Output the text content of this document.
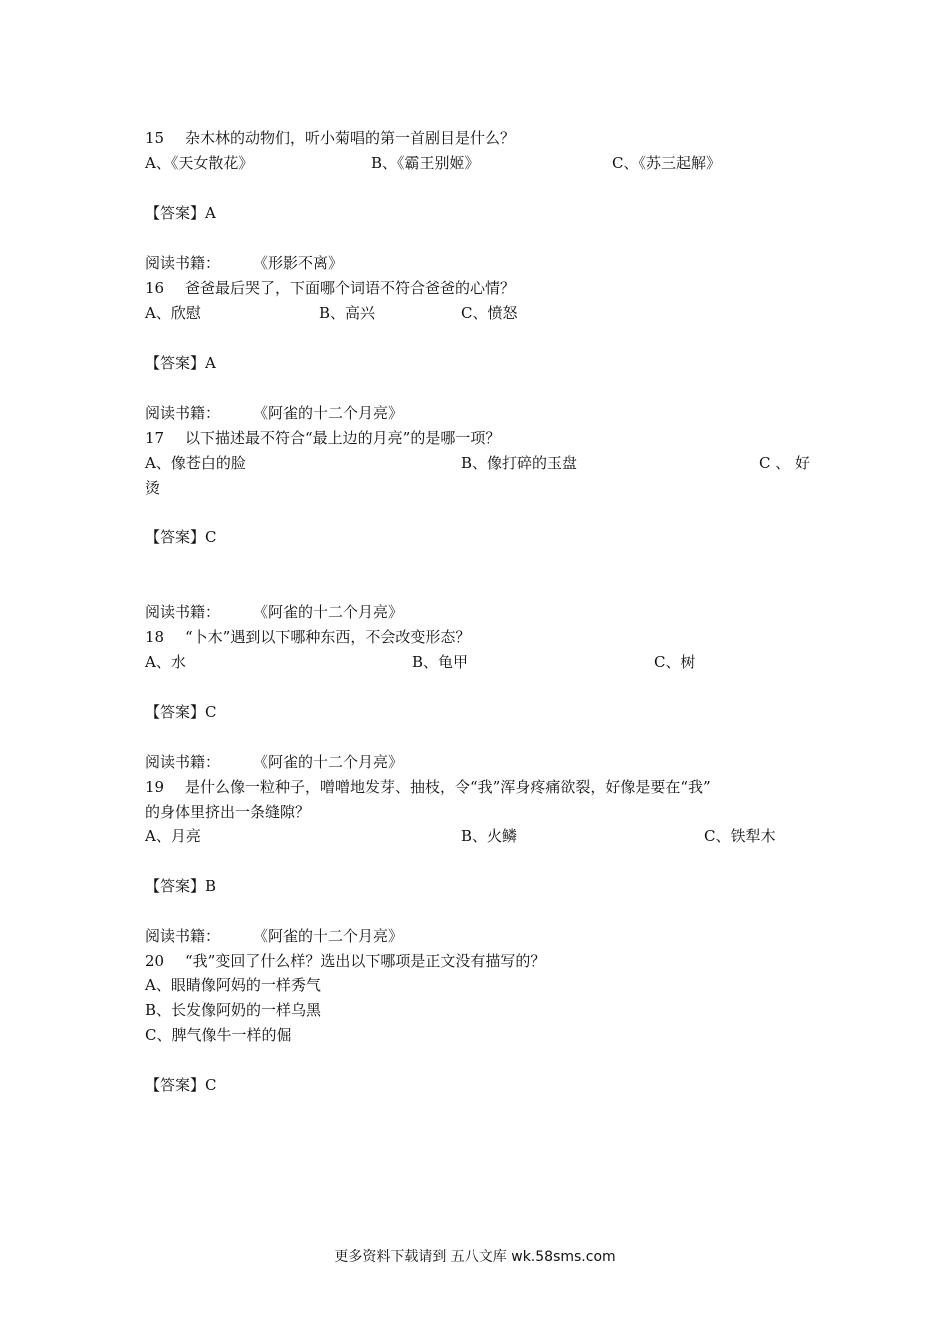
15 杂木林的动物们，听小菊唱的第一首剧目是什么？
A、《天女散花》	B、《霸王别姬》	C、《苏三起解》
【答案】A
阅读书籍： 《形影不离》
16 爸爸最后哭了，下面哪个词语不符合爸爸的心情？
A、欣慰	B、高兴	C、愤怒
【答案】A
阅读书籍： 《阿雀的十二个月亮》
17 以下描述最不符合“最上边的月亮”的是哪一项？
A、像苍白的脸	B、像打碎的玉盘	C 、 好
烫
【答案】C
阅读书籍： 《阿雀的十二个月亮》
18 “卜木”遇到以下哪种东西，不会改变形态？
A、水	B、龟甲	C、树
【答案】C
阅读书籍： 《阿雀的十二个月亮》
19 是什么像一粒种子，噌噌地发芽、抽枝，令“我”浑身疼痛欲裂，好像是要在“我”
的身体里挤出一条缝隙？
A、月亮	B、火鳞	C、铁犁木
【答案】B
阅读书籍： 《阿雀的十二个月亮》
20 “我”变回了什么样？选出以下哪项是正文没有描写的？
A、眼睛像阿妈的一样秀气
B、长发像阿奶的一样乌黑
C、脾气像牛一样的倔
【答案】C
更多资料下载请到 五八文库 wk.58sms.com
